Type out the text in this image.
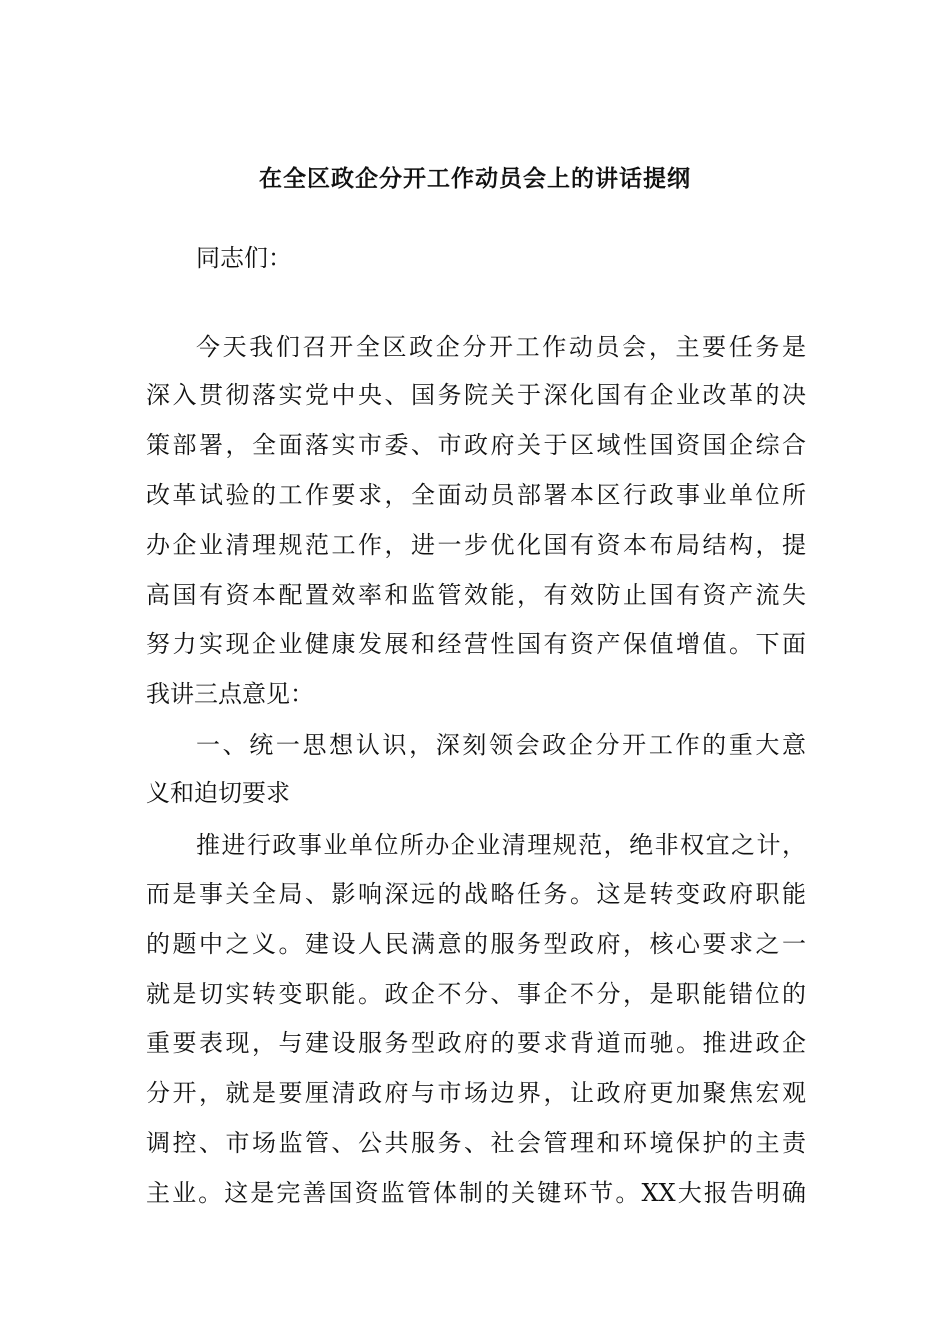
在全区政企分开工作动员会上的讲话提纲
同志们：
今天我们召开全区政企分开工作动员会，主要任务是
深入贯彻落实党中央、国务院关于深化国有企业改革的决
策部署，全面落实市委、市政府关于区域性国资国企综合
改革试验的工作要求，全面动员部署本区行政事业单位所
办企业清理规范工作，进一步优化国有资本布局结构，提
高国有资本配置效率和监管效能，有效防止国有资产流失
努力实现企业健康发展和经营性国有资产保值增值。下面
我讲三点意见：
一、统一思想认识，深刻领会政企分开工作的重大意
义和迫切要求
推进行政事业单位所办企业清理规范，绝非权宜之计，
而是事关全局、影响深远的战略任务。这是转变政府职能
的题中之义。建设人民满意的服务型政府，核心要求之一
就是切实转变职能。政企不分、事企不分，是职能错位的
重要表现，与建设服务型政府的要求背道而驰。推进政企
分开，就是要厘清政府与市场边界，让政府更加聚焦宏观
调控、市场监管、公共服务、社会管理和环境保护的主责
主业。这是完善国资监管体制的关键环节。XX大报告明确
